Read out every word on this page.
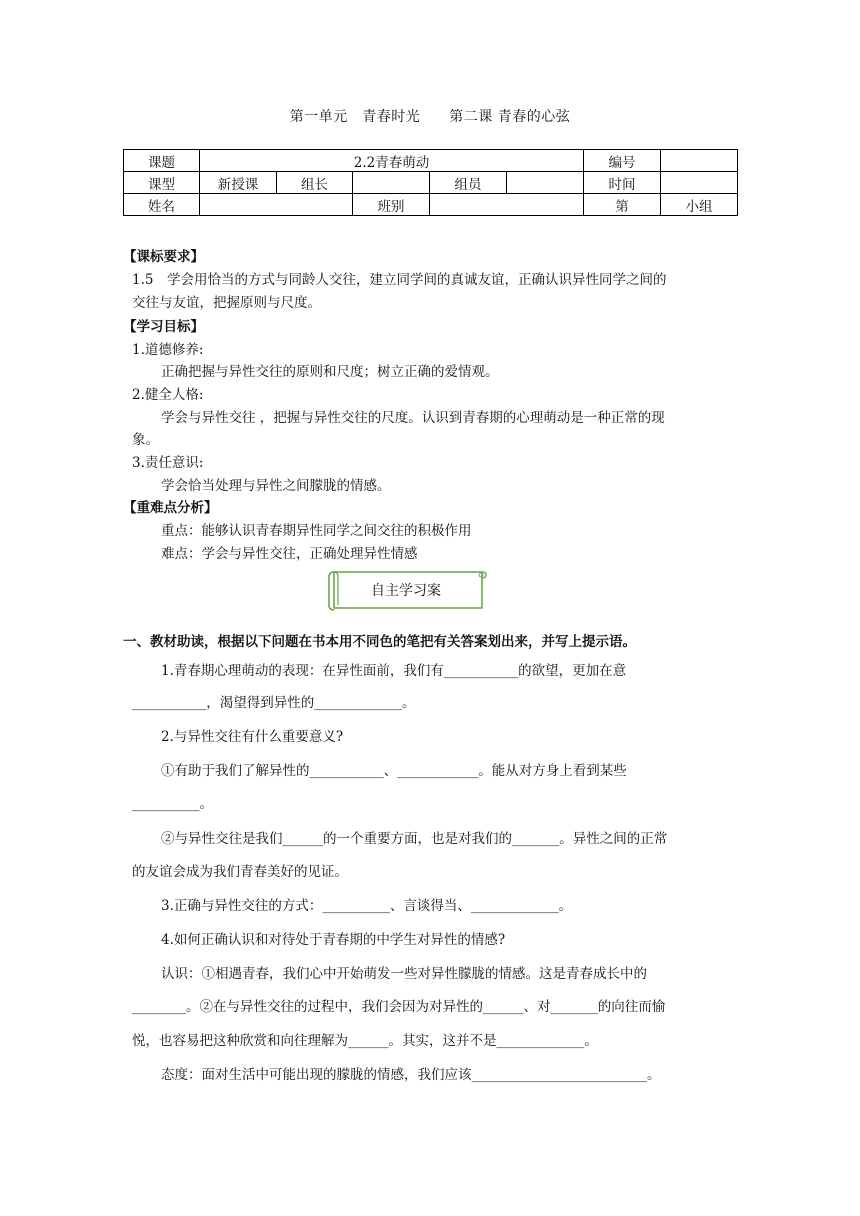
第一单元　青春时光　　第二课 青春的心弦
课题	2.2青春萌动					编号	
课型	新授课	组长		组员		时间	
姓名			班别			第	小组
【课标要求】
1.5　学会用恰当的方式与同龄人交往，建立同学间的真诚友谊，正确认识异性同学之间的
交往与友谊，把握原则与尺度。
【学习目标】
1.道德修养:
正确把握与异性交往的原则和尺度；树立正确的爱情观。
2.健全人格:
学会与异性交往 ，把握与异性交往的尺度。认识到青春期的心理萌动是一种正常的现
象。
3.责任意识:
学会恰当处理与异性之间朦胧的情感。
【重难点分析】
重点：能够认识青春期异性同学之间交往的积极作用
难点：学会与异性交往，正确处理异性情感
自主学习案
一、教材助读，根据以下问题在书本用不同色的笔把有关答案划出来，并写上提示语。
1.青春期心理萌动的表现：在异性面前，我们有___________的欲望，更加在意
___________，渴望得到异性的_____________。
2.与异性交往有什么重要意义?
①有助于我们了解异性的___________、____________。能从对方身上看到某些
__________。
②与异性交往是我们______的一个重要方面，也是对我们的_______。异性之间的正常
的友谊会成为我们青春美好的见证。
3.正确与异性交往的方式：__________、言谈得当、_____________。
4.如何正确认识和对待处于青春期的中学生对异性的情感?
认识：①相遇青春，我们心中开始萌发一些对异性朦胧的情感。这是青春成长中的
________。②在与异性交往的过程中，我们会因为对异性的______、对_______的向往而愉
悦，也容易把这种欣赏和向往理解为______。其实，这并不是_____________。
态度：面对生活中可能出现的朦胧的情感，我们应该__________________________。
